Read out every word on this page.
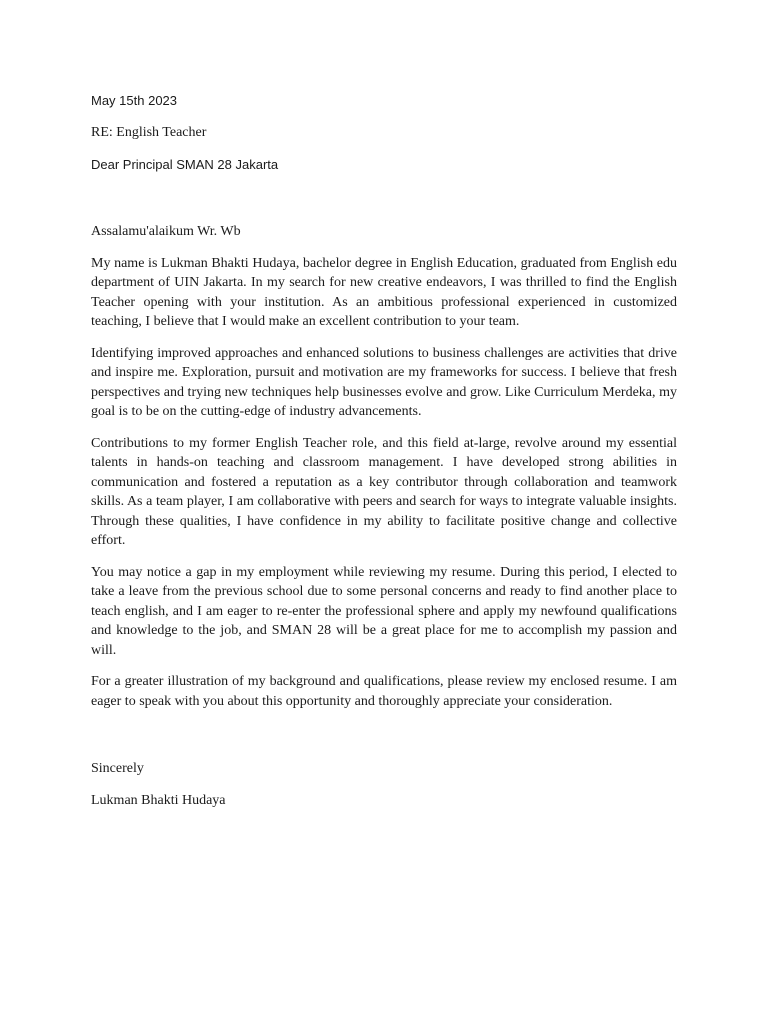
May 15th 2023

RE: English Teacher

Dear Principal SMAN 28 Jakarta

Assalamu'alaikum Wr. Wb

My name is Lukman Bhakti Hudaya, bachelor degree in English Education, graduated from English edu department of UIN Jakarta. In my search for new creative endeavors, I was thrilled to find the English Teacher opening with your institution. As an ambitious professional experienced in customized teaching, I believe that I would make an excellent contribution to your team.

Identifying improved approaches and enhanced solutions to business challenges are activities that drive and inspire me. Exploration, pursuit and motivation are my frameworks for success. I believe that fresh perspectives and trying new techniques help businesses evolve and grow. Like Curriculum Merdeka, my goal is to be on the cutting-edge of industry advancements.

Contributions to my former English Teacher role, and this field at-large, revolve around my essential talents in hands-on teaching and classroom management. I have developed strong abilities in communication and fostered a reputation as a key contributor through collaboration and teamwork skills. As a team player, I am collaborative with peers and search for ways to integrate valuable insights. Through these qualities, I have confidence in my ability to facilitate positive change and collective effort.

You may notice a gap in my employment while reviewing my resume. During this period, I elected to take a leave from the previous school due to some personal concerns and ready to find another place to teach english, and I am eager to re-enter the professional sphere and apply my newfound qualifications and knowledge to the job, and SMAN 28 will be a great place for me to accomplish my passion and will.

For a greater illustration of my background and qualifications, please review my enclosed resume. I am eager to speak with you about this opportunity and thoroughly appreciate your consideration.

Sincerely

Lukman Bhakti Hudaya
